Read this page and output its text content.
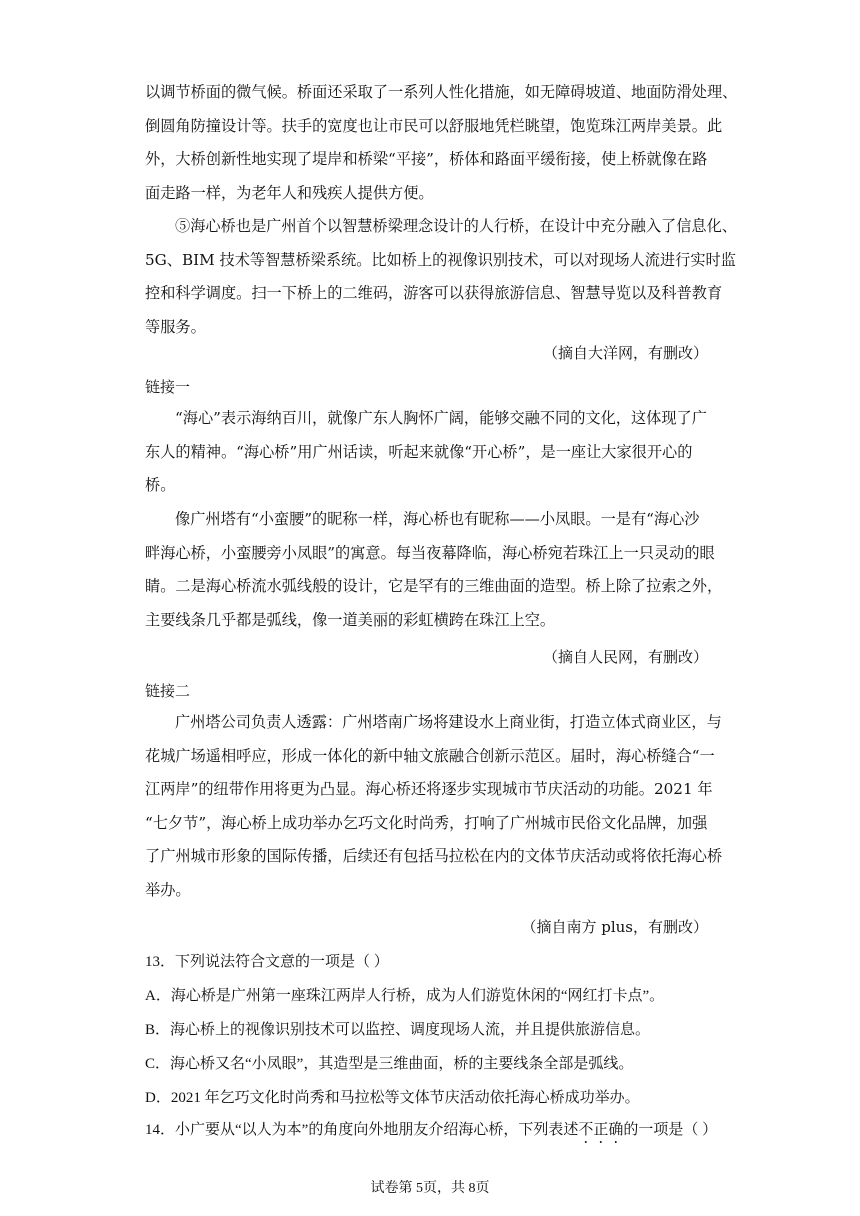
以调节桥面的微气候。桥面还采取了一系列人性化措施，如无障碍坡道、地面防滑处理、
倒圆角防撞设计等。扶手的宽度也让市民可以舒服地凭栏眺望，饱览珠江两岸美景。此
外，大桥创新性地实现了堤岸和桥梁“平接”，桥体和路面平缓衔接，使上桥就像在路
面走路一样，为老年人和残疾人提供方便。
⑤海心桥也是广州首个以智慧桥梁理念设计的人行桥，在设计中充分融入了信息化、
5G、BIM 技术等智慧桥梁系统。比如桥上的视像识别技术，可以对现场人流进行实时监
控和科学调度。扫一下桥上的二维码，游客可以获得旅游信息、智慧导览以及科普教育
等服务。

（摘自大洋网，有删改）

链接一

“海心”表示海纳百川，就像广东人胸怀广阔，能够交融不同的文化，这体现了广
东人的精神。“海心桥”用广州话读，听起来就像“开心桥”，是一座让大家很开心的
桥。
像广州塔有“小蛮腰”的昵称一样，海心桥也有昵称——小凤眼。一是有“海心沙
畔海心桥，小蛮腰旁小凤眼”的寓意。每当夜幕降临，海心桥宛若珠江上一只灵动的眼
睛。二是海心桥流水弧线般的设计，它是罕有的三维曲面的造型。桥上除了拉索之外，
主要线条几乎都是弧线，像一道美丽的彩虹横跨在珠江上空。

（摘自人民网，有删改）

链接二

广州塔公司负责人透露：广州塔南广场将建设水上商业街，打造立体式商业区，与
花城广场遥相呼应，形成一体化的新中轴文旅融合创新示范区。届时，海心桥缝合“一
江两岸”的纽带作用将更为凸显。海心桥还将逐步实现城市节庆活动的功能。2021 年
“七夕节”，海心桥上成功举办乞巧文化时尚秀，打响了广州城市民俗文化品牌，加强
了广州城市形象的国际传播，后续还有包括马拉松在内的文体节庆活动或将依托海心桥
举办。

（摘自南方 plus，有删改）

13．下列说法符合文意的一项是（ ）

A．海心桥是广州第一座珠江两岸人行桥，成为人们游览休闲的“网红打卡点”。

B．海心桥上的视像识别技术可以监控、调度现场人流，并且提供旅游信息。

C．海心桥又名“小凤眼”，其造型是三维曲面，桥的主要线条全部是弧线。

D．2021 年乞巧文化时尚秀和马拉松等文体节庆活动依托海心桥成功举办。

14．小广要从“以人为本”的角度向外地朋友介绍海心桥，下列表述不正确的一项是（ ）

试卷第 5页，共 8页
